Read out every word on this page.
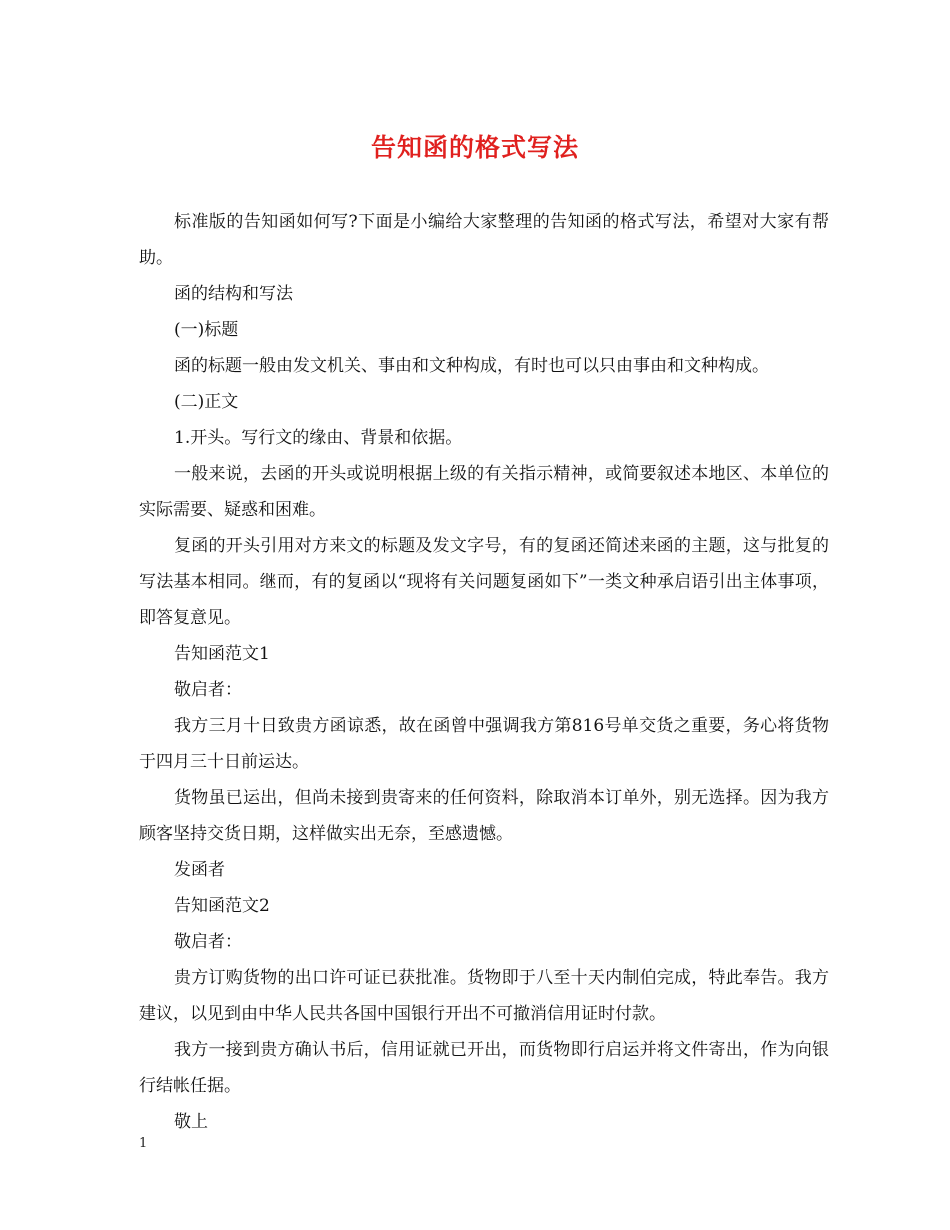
告知函的格式写法

标准版的告知函如何写?下面是小编给大家整理的告知函的格式写法，希望对大家有帮助。

函的结构和写法

(一)标题

函的标题一般由发文机关、事由和文种构成，有时也可以只由事由和文种构成。

(二)正文

1.开头。写行文的缘由、背景和依据。

一般来说，去函的开头或说明根据上级的有关指示精神，或简要叙述本地区、本单位的实际需要、疑惑和困难。

复函的开头引用对方来文的标题及发文字号，有的复函还简述来函的主题，这与批复的写法基本相同。继而，有的复函以“现将有关问题复函如下”一类文种承启语引出主体事项，即答复意见。

告知函范文1

敬启者：

我方三月十日致贵方函谅悉，故在函曾中强调我方第816号单交货之重要，务心将货物于四月三十日前运达。

货物虽已运出，但尚未接到贵寄来的任何资料，除取消本订单外，别无选择。因为我方顾客坚持交货日期，这样做实出无奈，至感遗憾。

发函者

告知函范文2

敬启者：

贵方订购货物的出口许可证已获批准。货物即于八至十天内制伯完成，特此奉告。我方建议，以见到由中华人民共各国中国银行开出不可撤消信用证时付款。

我方一接到贵方确认书后，信用证就已开出，而货物即行启运并将文件寄出，作为向银行结帐任据。

敬上

1
